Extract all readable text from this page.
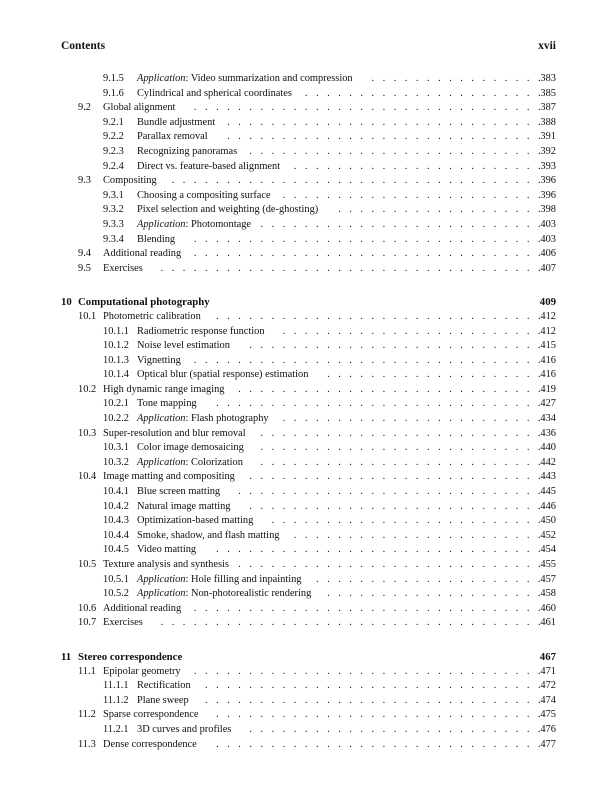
Contents	xvii
9.1.5 Application: Video summarization and compression	383
.
.
.
.
.
.
.
.
.
.
.
.
.
.
.
.
9.1.6 Cylindrical and spherical coordinates	385
.
.
.
.
.
.
.
.
.
.
.
.
.
.
.
.
.
.
.
.
.
.
9.2 Global alignment	387
.
.
.
.
.
.
.
.
.
.
.
.
.
.
.
.
.
.
.
.
.
.
.
.
.
.
.
.
.
.
.
.
9.2.1 Bundle adjustment	388
.
.
.
.
.
.
.
.
.
.
.
.
.
.
.
.
.
.
.
.
.
.
.
.
.
.
.
.
.
9.2.2 Parallax removal	391
.
.
.
.
.
.
.
.
.
.
.
.
.
.
.
.
.
.
.
.
.
.
.
.
.
.
.
.
.
9.2.3 Recognizing panoramas	392
.
.
.
.
.
.
.
.
.
.
.
.
.
.
.
.
.
.
.
.
.
.
.
.
.
.
.
9.2.4 Direct vs. feature-based alignment	393
.
.
.
.
.
.
.
.
.
.
.
.
.
.
.
.
.
.
.
.
.
.
.
9.3 Compositing	396
.
.
.
.
.
.
.
.
.
.
.
.
.
.
.
.
.
.
.
.
.
.
.
.
.
.
.
.
.
.
.
.
.
.
9.3.1 Choosing a compositing surface	396
.
.
.
.
.
.
.
.
.
.
.
.
.
.
.
.
.
.
.
.
.
.
.
.
9.3.2 Pixel selection and weighting (de-ghosting)	398
.
.
.
.
.
.
.
.
.
.
.
.
.
.
.
.
.
.
.
9.3.3 Application: Photomontage	403
.
.
.
.
.
.
.
.
.
.
.
.
.
.
.
.
.
.
.
.
.
.
.
.
.
.
9.3.4 Blending	403
.
.
.
.
.
.
.
.
.
.
.
.
.
.
.
.
.
.
.
.
.
.
.
.
.
.
.
.
.
.
.
.
9.4 Additional reading	406
.
.
.
.
.
.
.
.
.
.
.
.
.
.
.
.
.
.
.
.
.
.
.
.
.
.
.
.
.
.
.
.
9.5 Exercises	407
.
.
.
.
.
.
.
.
.
.
.
.
.
.
.
.
.
.
.
.
.
.
.
.
.
.
.
.
.
.
.
.
.
.
.
10 Computational photography	409
10.1 Photometric calibration	412
.
.
.
.
.
.
.
.
.
.
.
.
.
.
.
.
.
.
.
.
.
.
.
.
.
.
.
.
.
.
10.1.1 Radiometric response function	412
.
.
.
.
.
.
.
.
.
.
.
.
.
.
.
.
.
.
.
.
.
.
.
.
10.1.2 Noise level estimation	415
.
.
.
.
.
.
.
.
.
.
.
.
.
.
.
.
.
.
.
.
.
.
.
.
.
.
.
10.1.3 Vignetting	416
.
.
.
.
.
.
.
.
.
.
.
.
.
.
.
.
.
.
.
.
.
.
.
.
.
.
.
.
.
.
.
.
10.1.4 Optical blur (spatial response) estimation	416
.
.
.
.
.
.
.
.
.
.
.
.
.
.
.
.
.
.
.
.
10.2 High dynamic range imaging	419
.
.
.
.
.
.
.
.
.
.
.
.
.
.
.
.
.
.
.
.
.
.
.
.
.
.
.
.
10.2.1 Tone mapping	427
.
.
.
.
.
.
.
.
.
.
.
.
.
.
.
.
.
.
.
.
.
.
.
.
.
.
.
.
.
.
10.2.2 Application: Flash photography	434
.
.
.
.
.
.
.
.
.
.
.
.
.
.
.
.
.
.
.
.
.
.
.
.
10.3 Super-resolution and blur removal	436
.
.
.
.
.
.
.
.
.
.
.
.
.
.
.
.
.
.
.
.
.
.
.
.
.
.
10.3.1 Color image demosaicing	440
.
.
.
.
.
.
.
.
.
.
.
.
.
.
.
.
.
.
.
.
.
.
.
.
.
.
10.3.2 Application: Colorization	442
.
.
.
.
.
.
.
.
.
.
.
.
.
.
.
.
.
.
.
.
.
.
.
.
.
.
10.4 Image matting and compositing	443
.
.
.
.
.
.
.
.
.
.
.
.
.
.
.
.
.
.
.
.
.
.
.
.
.
.
.
10.4.1 Blue screen matting	445
.
.
.
.
.
.
.
.
.
.
.
.
.
.
.
.
.
.
.
.
.
.
.
.
.
.
.
.
10.4.2 Natural image matting	446
.
.
.
.
.
.
.
.
.
.
.
.
.
.
.
.
.
.
.
.
.
.
.
.
.
.
.
10.4.3 Optimization-based matting	450
.
.
.
.
.
.
.
.
.
.
.
.
.
.
.
.
.
.
.
.
.
.
.
.
.
10.4.4 Smoke, shadow, and flash matting	452
.
.
.
.
.
.
.
.
.
.
.
.
.
.
.
.
.
.
.
.
.
.
.
10.4.5 Video matting	454
.
.
.
.
.
.
.
.
.
.
.
.
.
.
.
.
.
.
.
.
.
.
.
.
.
.
.
.
.
.
10.5 Texture analysis and synthesis	455
.
.
.
.
.
.
.
.
.
.
.
.
.
.
.
.
.
.
.
.
.
.
.
.
.
.
.
.
10.5.1 Application: Hole filling and inpainting	457
.
.
.
.
.
.
.
.
.
.
.
.
.
.
.
.
.
.
.
.
.
10.5.2 Application: Non-photorealistic rendering	458
.
.
.
.
.
.
.
.
.
.
.
.
.
.
.
.
.
.
.
.
10.6 Additional reading	460
.
.
.
.
.
.
.
.
.
.
.
.
.
.
.
.
.
.
.
.
.
.
.
.
.
.
.
.
.
.
.
.
10.7 Exercises	461
.
.
.
.
.
.
.
.
.
.
.
.
.
.
.
.
.
.
.
.
.
.
.
.
.
.
.
.
.
.
.
.
.
.
.
11 Stereo correspondence	467
11.1 Epipolar geometry	471
.
.
.
.
.
.
.
.
.
.
.
.
.
.
.
.
.
.
.
.
.
.
.
.
.
.
.
.
.
.
.
.
11.1.1 Rectification	472
.
.
.
.
.
.
.
.
.
.
.
.
.
.
.
.
.
.
.
.
.
.
.
.
.
.
.
.
.
.
.
11.1.2 Plane sweep	474
.
.
.
.
.
.
.
.
.
.
.
.
.
.
.
.
.
.
.
.
.
.
.
.
.
.
.
.
.
.
.
11.2 Sparse correspondence	475
.
.
.
.
.
.
.
.
.
.
.
.
.
.
.
.
.
.
.
.
.
.
.
.
.
.
.
.
.
.
11.2.1 3D curves and profiles	476
.
.
.
.
.
.
.
.
.
.
.
.
.
.
.
.
.
.
.
.
.
.
.
.
.
.
.
11.3 Dense correspondence	477
.
.
.
.
.
.
.
.
.
.
.
.
.
.
.
.
.
.
.
.
.
.
.
.
.
.
.
.
.
.
